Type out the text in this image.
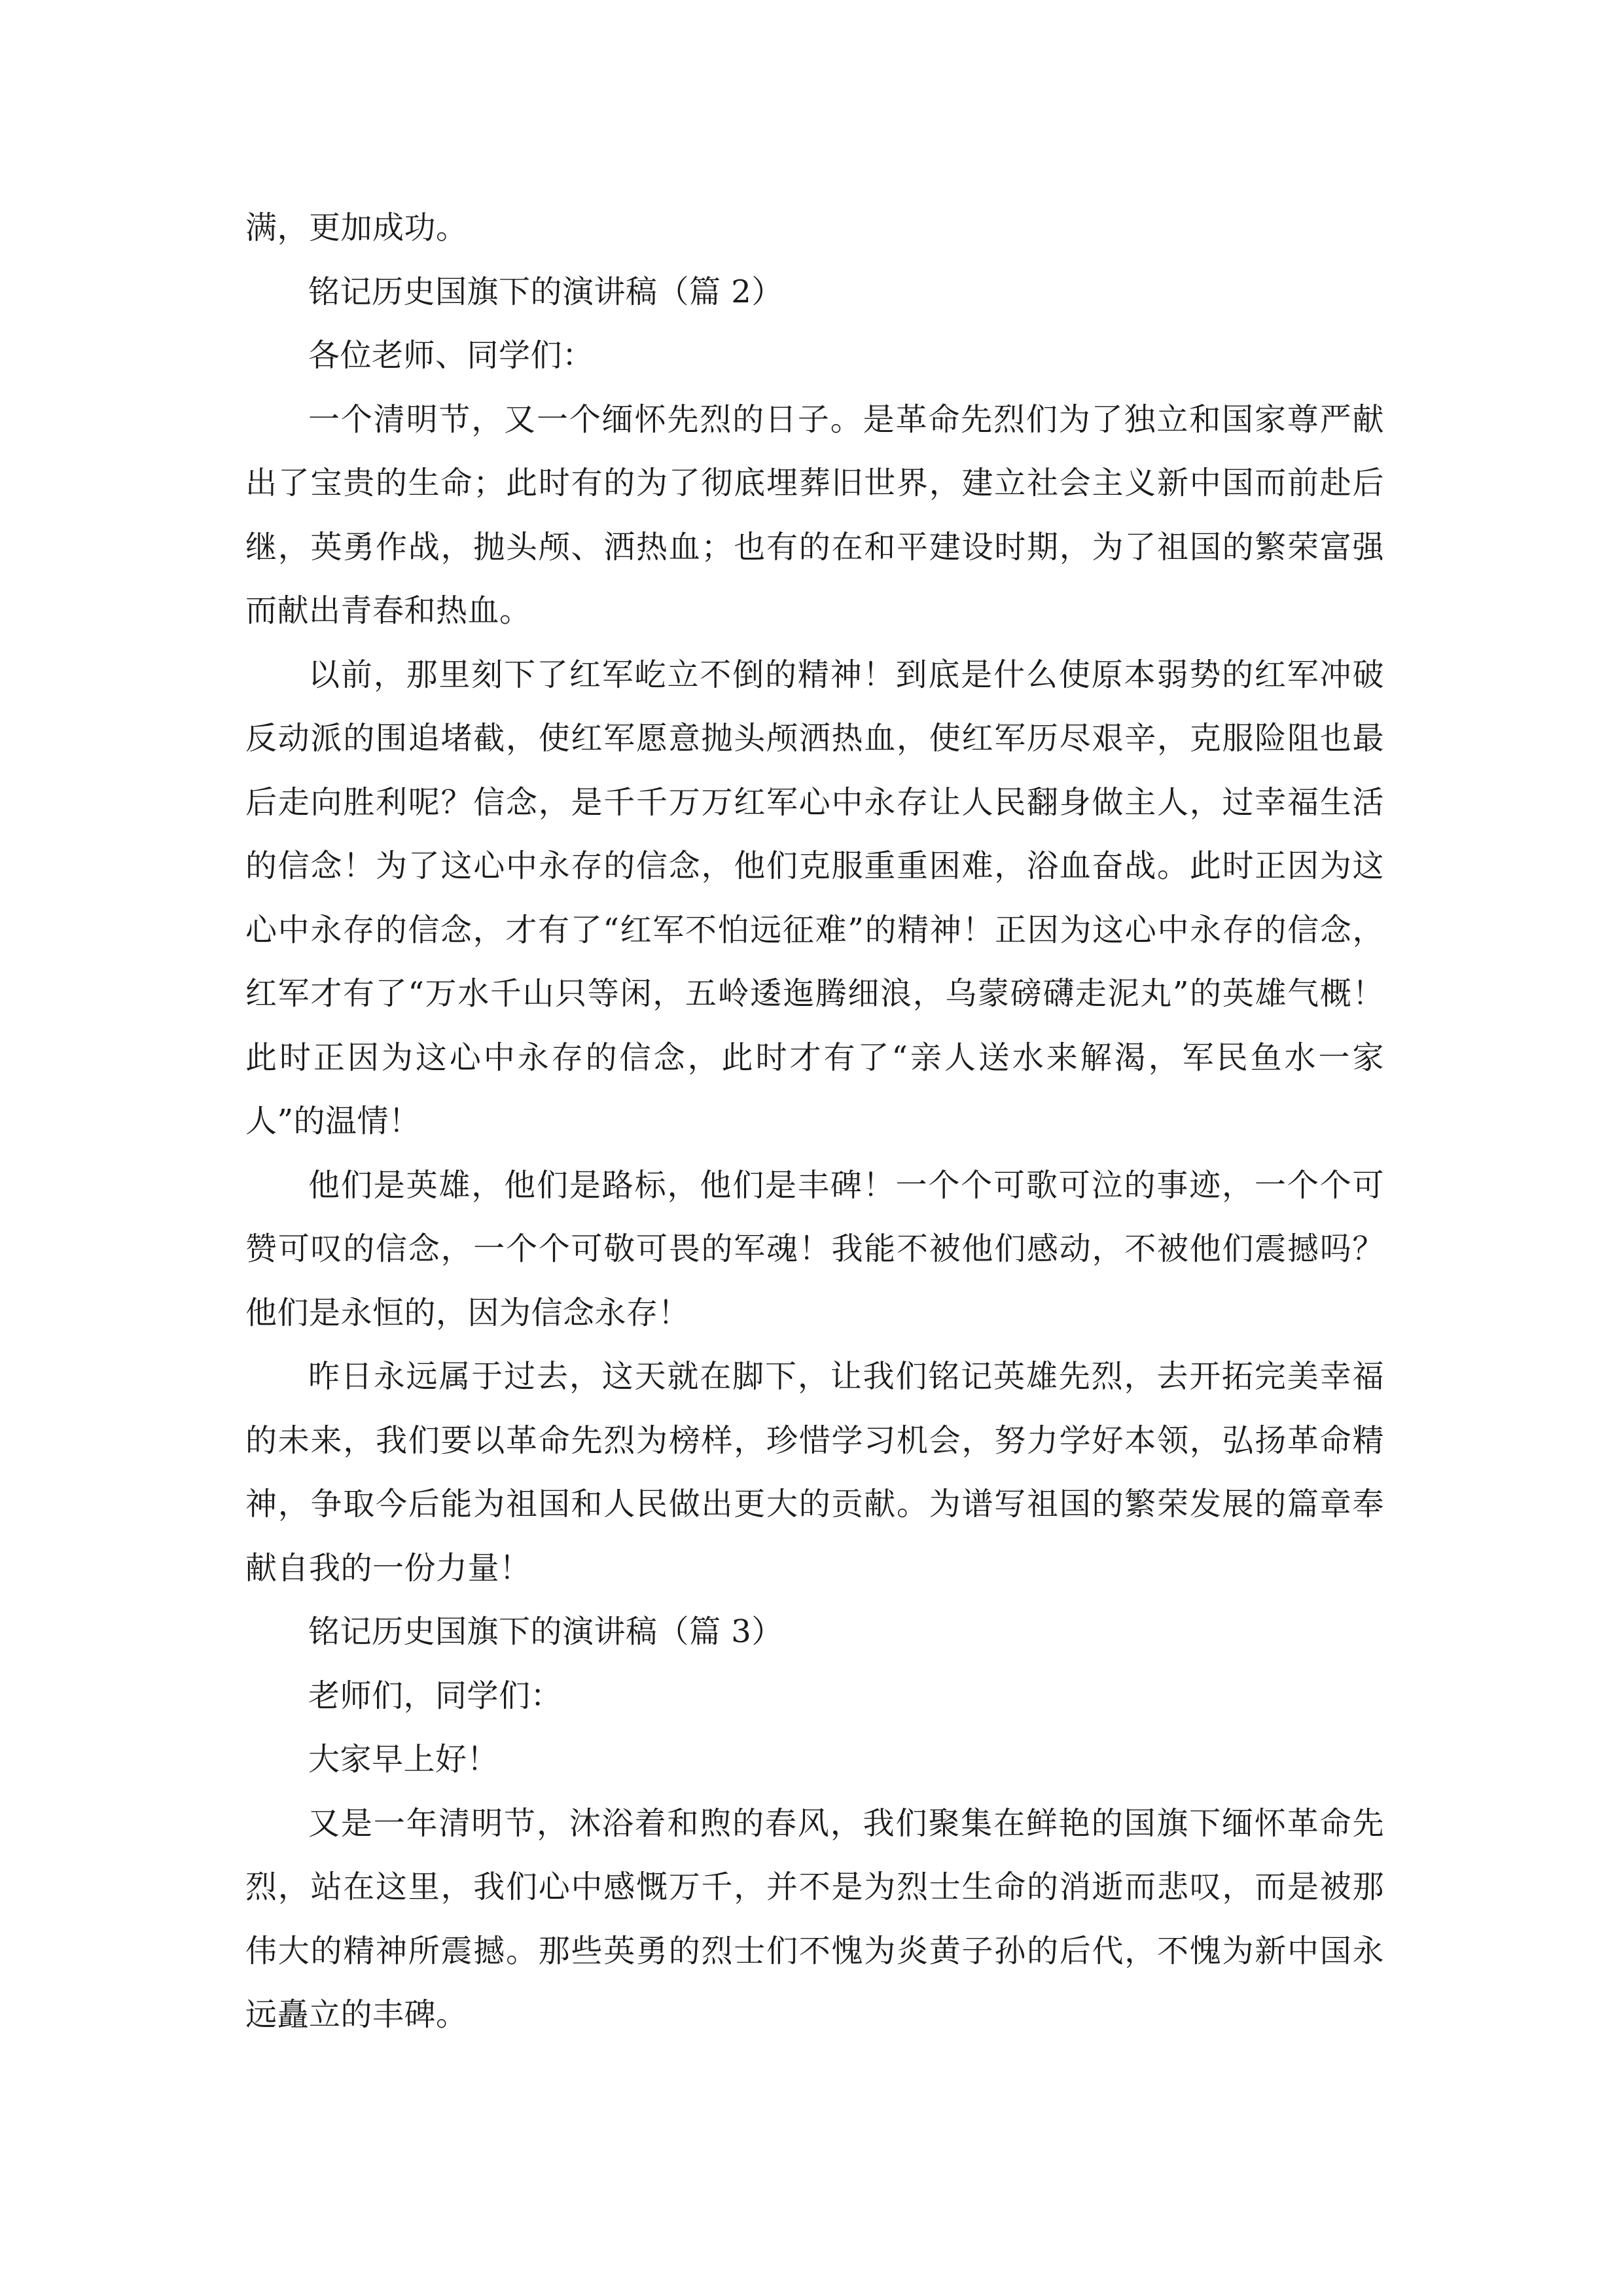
满，更加成功。

铭记历史国旗下的演讲稿（篇 2）

各位老师、同学们：

一个清明节，又一个缅怀先烈的日子。是革命先烈们为了独立和国家尊严献出了宝贵的生命；此时有的为了彻底埋葬旧世界，建立社会主义新中国而前赴后继，英勇作战，抛头颅、洒热血；也有的在和平建设时期，为了祖国的繁荣富强而献出青春和热血。

以前，那里刻下了红军屹立不倒的精神！到底是什么使原本弱势的红军冲破反动派的围追堵截，使红军愿意抛头颅洒热血，使红军历尽艰辛，克服险阻也最后走向胜利呢？信念，是千千万万红军心中永存让人民翻身做主人，过幸福生活的信念！为了这心中永存的信念，他们克服重重困难，浴血奋战。此时正因为这心中永存的信念，才有了“红军不怕远征难”的精神！正因为这心中永存的信念，红军才有了“万水千山只等闲，五岭逶迤腾细浪，乌蒙磅礴走泥丸”的英雄气概！此时正因为这心中永存的信念，此时才有了“亲人送水来解渴，军民鱼水一家人”的温情！

他们是英雄，他们是路标，他们是丰碑！一个个可歌可泣的事迹，一个个可赞可叹的信念，一个个可敬可畏的军魂！我能不被他们感动，不被他们震撼吗？他们是永恒的，因为信念永存！

昨日永远属于过去，这天就在脚下，让我们铭记英雄先烈，去开拓完美幸福的未来，我们要以革命先烈为榜样，珍惜学习机会，努力学好本领，弘扬革命精神，争取今后能为祖国和人民做出更大的贡献。为谱写祖国的繁荣发展的篇章奉献自我的一份力量！

铭记历史国旗下的演讲稿（篇 3）

老师们，同学们：

大家早上好！

又是一年清明节，沐浴着和煦的春风，我们聚集在鲜艳的国旗下缅怀革命先烈，站在这里，我们心中感慨万千，并不是为烈士生命的消逝而悲叹，而是被那伟大的精神所震撼。那些英勇的烈士们不愧为炎黄子孙的后代，不愧为新中国永远矗立的丰碑。
